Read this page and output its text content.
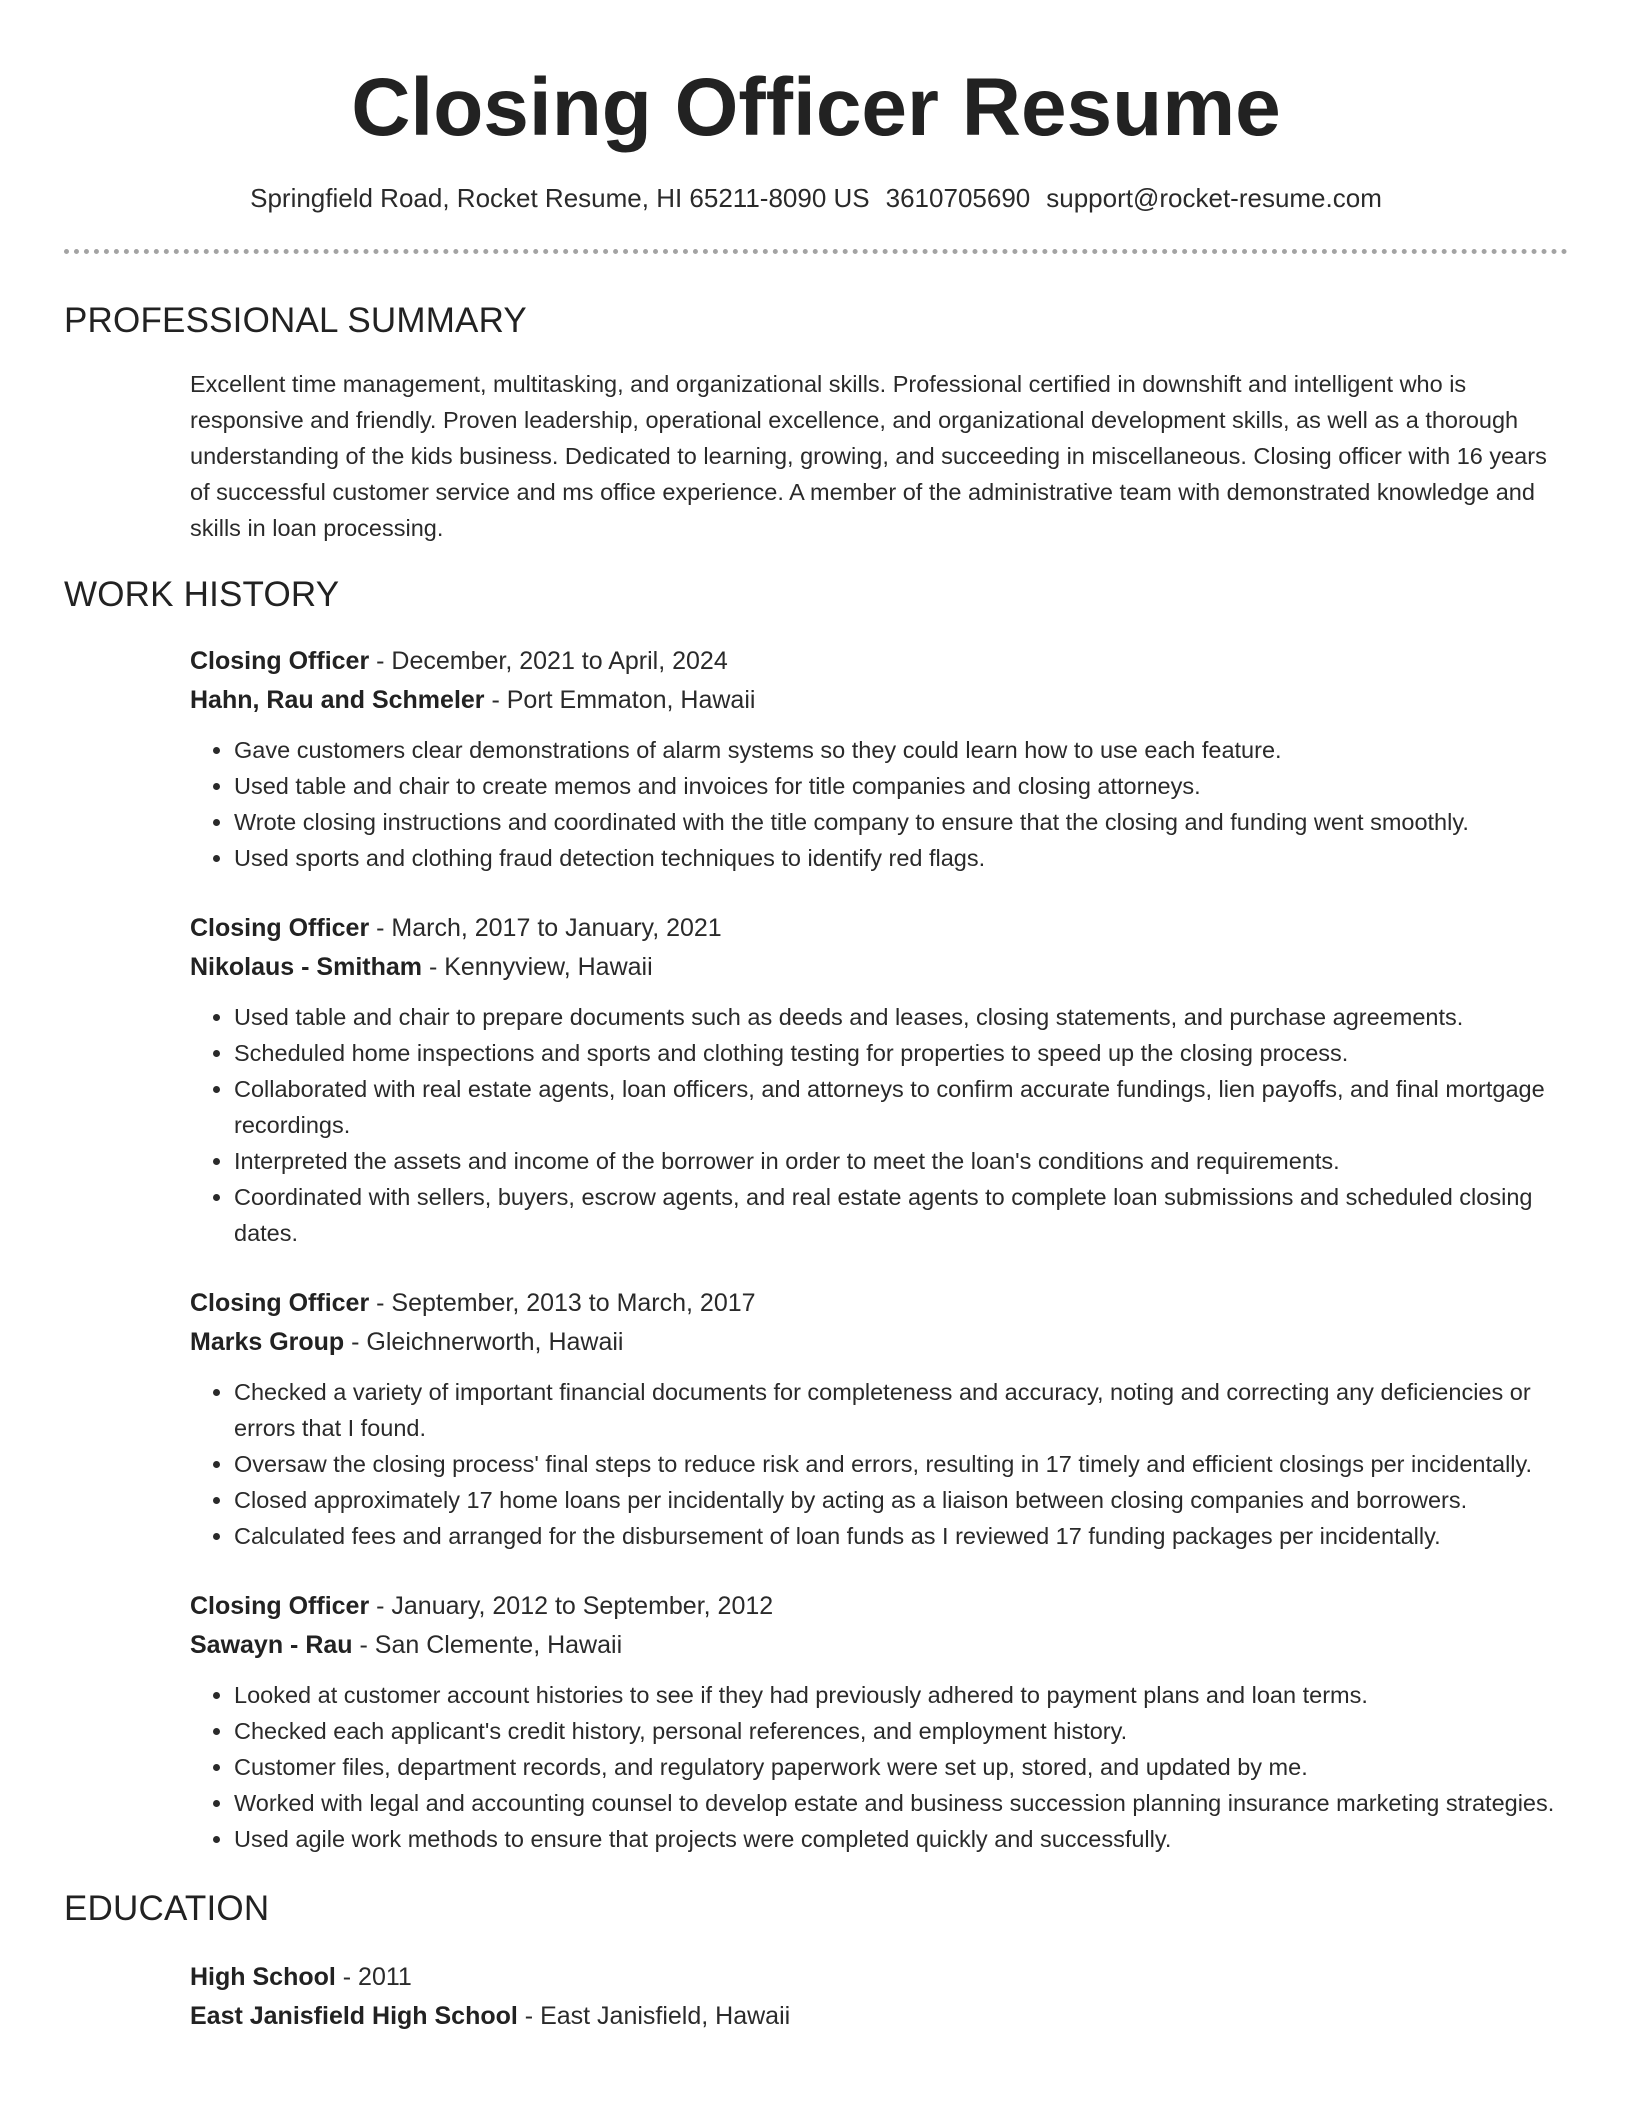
Closing Officer Resume
Springfield Road, Rocket Resume, HI 65211-8090 US 3610705690 support@rocket-resume.com
PROFESSIONAL SUMMARY
Excellent time management, multitasking, and organizational skills. Professional certified in downshift and intelligent who is responsive and friendly. Proven leadership, operational excellence, and organizational development skills, as well as a thorough understanding of the kids business. Dedicated to learning, growing, and succeeding in miscellaneous. Closing officer with 16 years of successful customer service and ms office experience. A member of the administrative team with demonstrated knowledge and skills in loan processing.
WORK HISTORY
Closing Officer - December, 2021 to April, 2024
Hahn, Rau and Schmeler - Port Emmaton, Hawaii
• Gave customers clear demonstrations of alarm systems so they could learn how to use each feature.
• Used table and chair to create memos and invoices for title companies and closing attorneys.
• Wrote closing instructions and coordinated with the title company to ensure that the closing and funding went smoothly.
• Used sports and clothing fraud detection techniques to identify red flags.
Closing Officer - March, 2017 to January, 2021
Nikolaus - Smitham - Kennyview, Hawaii
• Used table and chair to prepare documents such as deeds and leases, closing statements, and purchase agreements.
• Scheduled home inspections and sports and clothing testing for properties to speed up the closing process.
• Collaborated with real estate agents, loan officers, and attorneys to confirm accurate fundings, lien payoffs, and final mortgage recordings.
• Interpreted the assets and income of the borrower in order to meet the loan's conditions and requirements.
• Coordinated with sellers, buyers, escrow agents, and real estate agents to complete loan submissions and scheduled closing dates.
Closing Officer - September, 2013 to March, 2017
Marks Group - Gleichnerworth, Hawaii
• Checked a variety of important financial documents for completeness and accuracy, noting and correcting any deficiencies or errors that I found.
• Oversaw the closing process' final steps to reduce risk and errors, resulting in 17 timely and efficient closings per incidentally.
• Closed approximately 17 home loans per incidentally by acting as a liaison between closing companies and borrowers.
• Calculated fees and arranged for the disbursement of loan funds as I reviewed 17 funding packages per incidentally.
Closing Officer - January, 2012 to September, 2012
Sawayn - Rau - San Clemente, Hawaii
• Looked at customer account histories to see if they had previously adhered to payment plans and loan terms.
• Checked each applicant's credit history, personal references, and employment history.
• Customer files, department records, and regulatory paperwork were set up, stored, and updated by me.
• Worked with legal and accounting counsel to develop estate and business succession planning insurance marketing strategies.
• Used agile work methods to ensure that projects were completed quickly and successfully.
EDUCATION
High School - 2011
East Janisfield High School - East Janisfield, Hawaii
